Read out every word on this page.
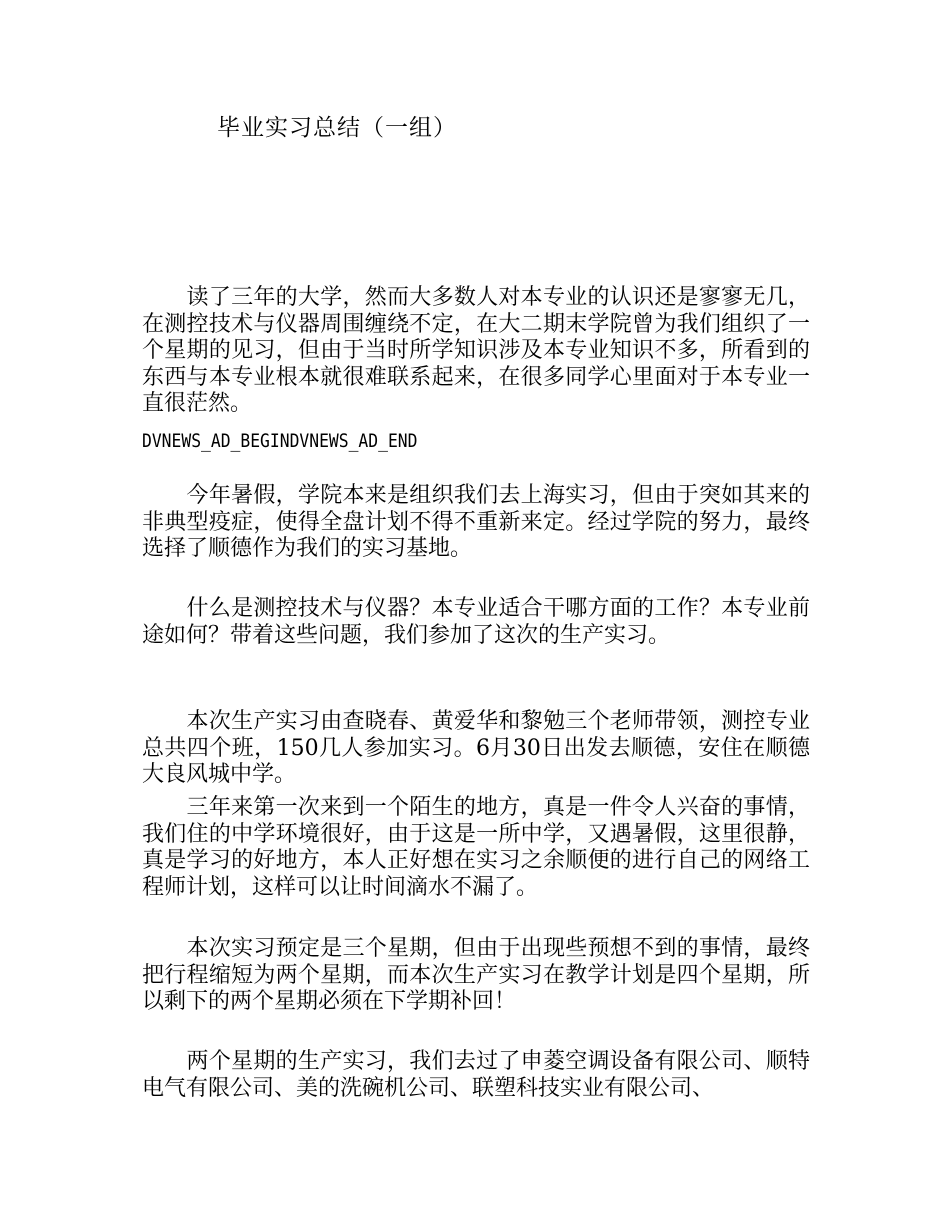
毕业实习总结（一组）
　　读了三年的大学，然而大多数人对本专业的认识还是寥寥无几，在测控技术与仪器周围缠绕不定，在大二期末学院曾为我们组织了一个星期的见习，但由于当时所学知识涉及本专业知识不多，所看到的东西与本专业根本就很难联系起来，在很多同学心里面对于本专业一直很茫然。
DVNEWS_AD_BEGINDVNEWS_AD_END
　　今年暑假，学院本来是组织我们去上海实习，但由于突如其来的非典型疫症，使得全盘计划不得不重新来定。经过学院的努力，最终选择了顺德作为我们的实习基地。
　　什么是测控技术与仪器？本专业适合干哪方面的工作？本专业前途如何？带着这些问题，我们参加了这次的生产实习。
　　本次生产实习由查晓春、黄爱华和黎勉三个老师带领，测控专业总共四个班，150几人参加实习。6月30日出发去顺德，安住在顺德大良风城中学。
　　三年来第一次来到一个陌生的地方，真是一件令人兴奋的事情，我们住的中学环境很好，由于这是一所中学，又遇暑假，这里很静，真是学习的好地方，本人正好想在实习之余顺便的进行自己的网络工程师计划，这样可以让时间滴水不漏了。
　　本次实习预定是三个星期，但由于出现些预想不到的事情，最终把行程缩短为两个星期，而本次生产实习在教学计划是四个星期，所以剩下的两个星期必须在下学期补回！
　　两个星期的生产实习，我们去过了申菱空调设备有限公司、顺特电气有限公司、美的洗碗机公司、联塑科技实业有限公司、
